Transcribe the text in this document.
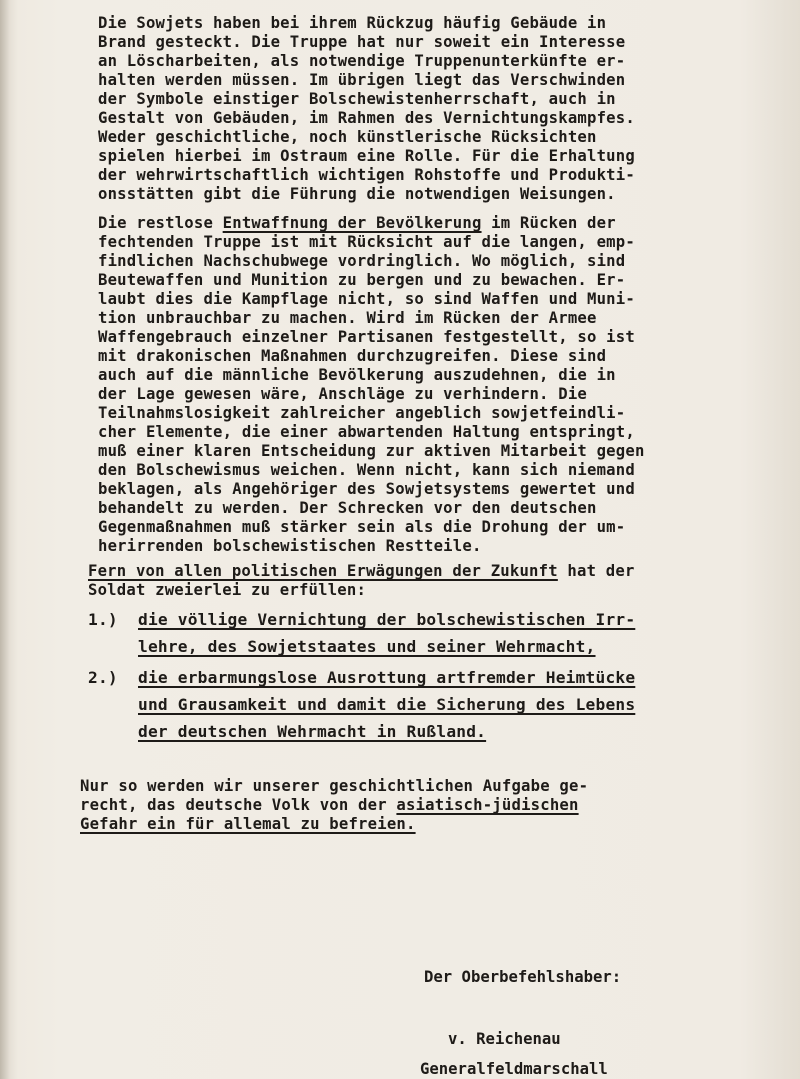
Die Sowjets haben bei ihrem Rückzug häufig Gebäude in
Brand gesteckt. Die Truppe hat nur soweit ein Interesse
an Löscharbeiten, als notwendige Truppenunterkünfte er-
halten werden müssen. Im übrigen liegt das Verschwinden
der Symbole einstiger Bolschewistenherrschaft, auch in
Gestalt von Gebäuden, im Rahmen des Vernichtungskampfes.
Weder geschichtliche, noch künstlerische Rücksichten
spielen hierbei im Ostraum eine Rolle. Für die Erhaltung
der wehrwirtschaftlich wichtigen Rohstoffe und Produkti-
onsstätten gibt die Führung die notwendigen Weisungen.
Die restlose Entwaffnung der Bevölkerung im Rücken der
fechtenden Truppe ist mit Rücksicht auf die langen, emp-
findlichen Nachschubwege vordringlich. Wo möglich, sind
Beutewaffen und Munition zu bergen und zu bewachen. Er-
laubt dies die Kampflage nicht, so sind Waffen und Muni-
tion unbrauchbar zu machen. Wird im Rücken der Armee
Waffengebrauch einzelner Partisanen festgestellt, so ist
mit drakonischen Maßnahmen durchzugreifen. Diese sind
auch auf die männliche Bevölkerung auszudehnen, die in
der Lage gewesen wäre, Anschläge zu verhindern. Die
Teilnahmslosigkeit zahlreicher angeblich sowjetfeindli-
cher Elemente, die einer abwartenden Haltung entspringt,
muß einer klaren Entscheidung zur aktiven Mitarbeit gegen
den Bolschewismus weichen. Wenn nicht, kann sich niemand
beklagen, als Angehöriger des Sowjetsystems gewertet und
behandelt zu werden. Der Schrecken vor den deutschen
Gegenmaßnahmen muß stärker sein als die Drohung der um-
herirrenden bolschewistischen Restteile.
Fern von allen politischen Erwägungen der Zukunft hat der
Soldat zweierlei zu erfüllen:
1.) die völlige Vernichtung der bolschewistischen Irr-
lehre, des Sowjetstaates und seiner Wehrmacht,
2.) die erbarmungslose Ausrottung artfremder Heimtücke
und Grausamkeit und damit die Sicherung des Lebens
der deutschen Wehrmacht in Rußland.
Nur so werden wir unserer geschichtlichen Aufgabe ge-
recht, das deutsche Volk von der asiatisch-jüdischen
Gefahr ein für allemal zu befreien.
Der Oberbefehlshaber:
v. Reichenau
Generalfeldmarschall
